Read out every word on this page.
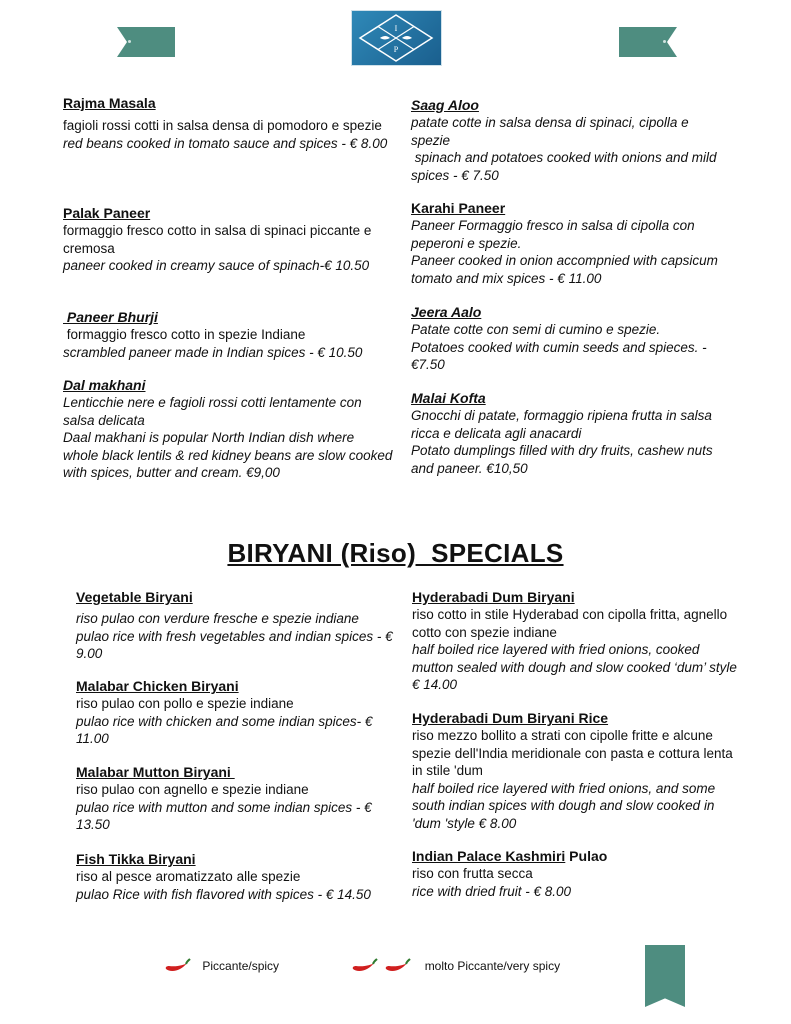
I
P

Rajma Masala

fagioli rossi cotti in salsa densa di pomodoro e spezie

red beans cooked in tomato sauce and spices - € 8.00

Palak Paneer

formaggio fresco cotto in salsa di spinaci piccante e cremosa

paneer cooked in creamy sauce of spinach-€ 10.50

Paneer Bhurji

formaggio fresco cotto in spezie Indiane

scrambled paneer made in Indian spices - € 10.50

Dal makhani

Lenticchie nere e fagioli rossi cotti lentamente con salsa delicata

Daal makhani is popular North Indian dish where whole black lentils & red kidney beans are slow cooked with spices, butter and cream. €9,00

Saag Aloo

patate cotte in salsa densa di spinaci, cipolla e spezie

spinach and potatoes cooked with onions and mild spices - € 7.50

Karahi Paneer

Paneer Formaggio fresco in salsa di cipolla con peperoni e spezie.

Paneer cooked in onion accompnied with capsicum tomato and mix spices - € 11.00

Jeera Aalo

Patate cotte con semi di cumino e spezie.

Potatoes cooked with cumin seeds and spieces. -€7.50

Malai Kofta

Gnocchi di patate, formaggio ripiena frutta in salsa ricca e delicata agli anacardi

Potato dumplings filled with dry fruits, cashew nuts and paneer. €10,50

BIRYANI (Riso)  SPECIALS

Vegetable Biryani

riso pulao con verdure fresche e spezie indiane

pulao rice with fresh vegetables and indian spices - € 9.00

Malabar Chicken Biryani

riso pulao con pollo e spezie indiane

pulao rice with chicken and some indian spices- € 11.00

Malabar Mutton Biryani

riso pulao con agnello e spezie indiane

pulao rice with mutton and some indian spices - € 13.50

Fish Tikka Biryani

riso al pesce aromatizzato alle spezie

pulao Rice with fish flavored with spices - € 14.50

Hyderabadi Dum Biryani

riso cotto in stile Hyderabad con cipolla fritta, agnello cotto con spezie indiane

half boiled rice layered with fried onions, cooked mutton sealed with dough and slow cooked ‘dum’ style € 14.00

Hyderabadi Dum Biryani Rice

riso mezzo bollito a strati con cipolle fritte e alcune spezie dell'India meridionale con pasta e cottura lenta in stile 'dum

half boiled rice layered with fried onions, and some south indian spices with dough and slow cooked in 'dum 'style € 8.00

Indian Palace Kashmiri Pulao

riso con frutta secca

rice with dried fruit - € 8.00

Piccante/spicy	molto Piccante/very spicy
